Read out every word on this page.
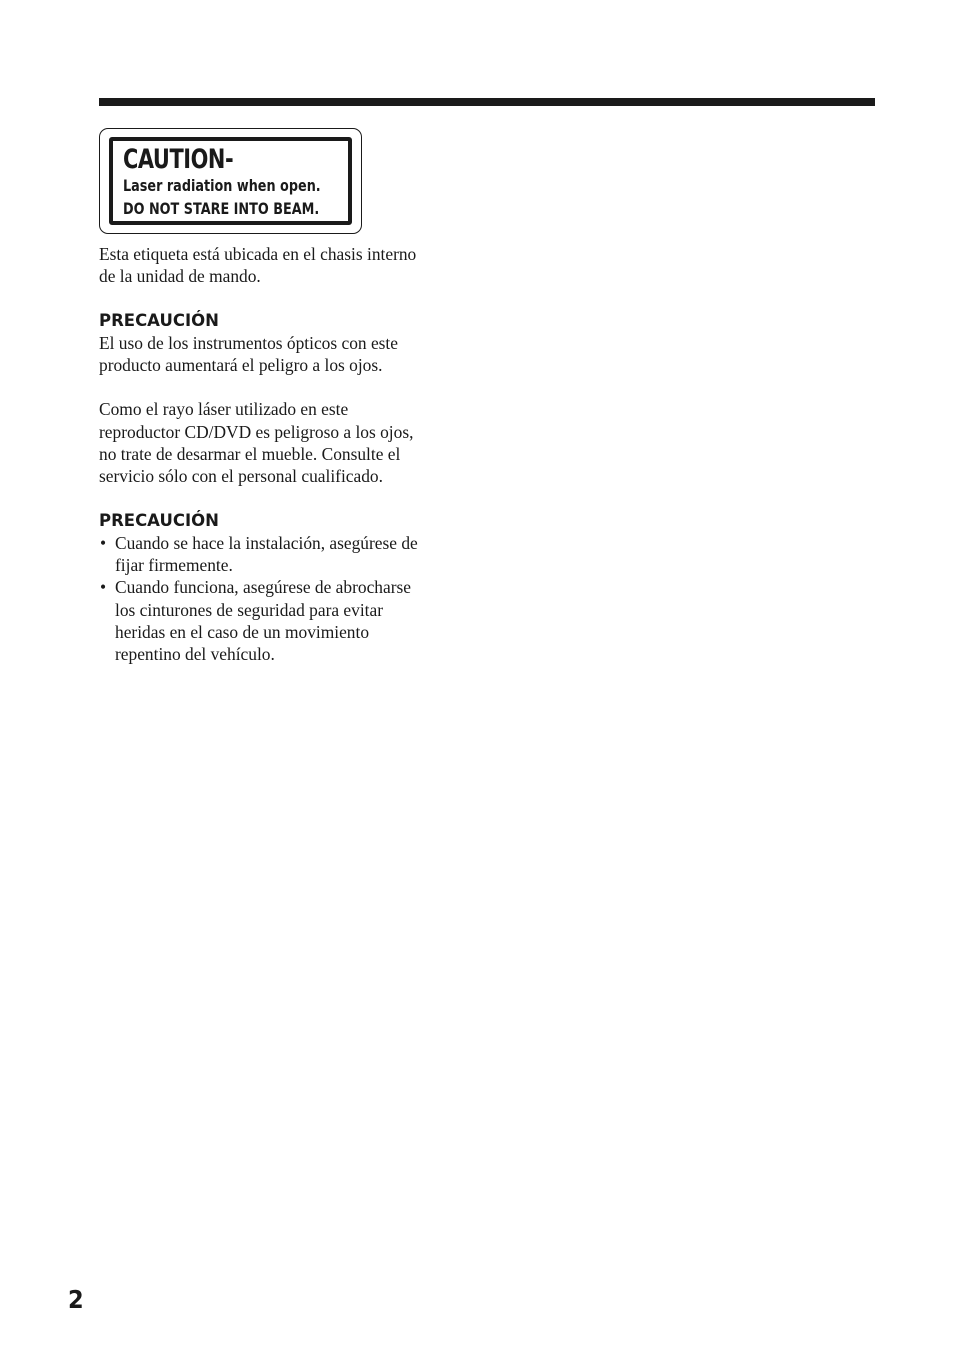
CAUTION-
Laser radiation when open.
DO NOT STARE INTO BEAM.

Esta etiqueta está ubicada en el chasis interno
de la unidad de mando.

PRECAUCIÓN

El uso de los instrumentos ópticos con este
producto aumentará el peligro a los ojos.

Como el rayo láser utilizado en este
reproductor CD/DVD es peligroso a los ojos,
no trate de desarmar el mueble. Consulte el
servicio sólo con el personal cualificado.

PRECAUCIÓN
• Cuando se hace la instalación, asegúrese de
fijar firmemente.
• Cuando funciona, asegúrese de abrocharse
los cinturones de seguridad para evitar
heridas en el caso de un movimiento
repentino del vehículo.
2
